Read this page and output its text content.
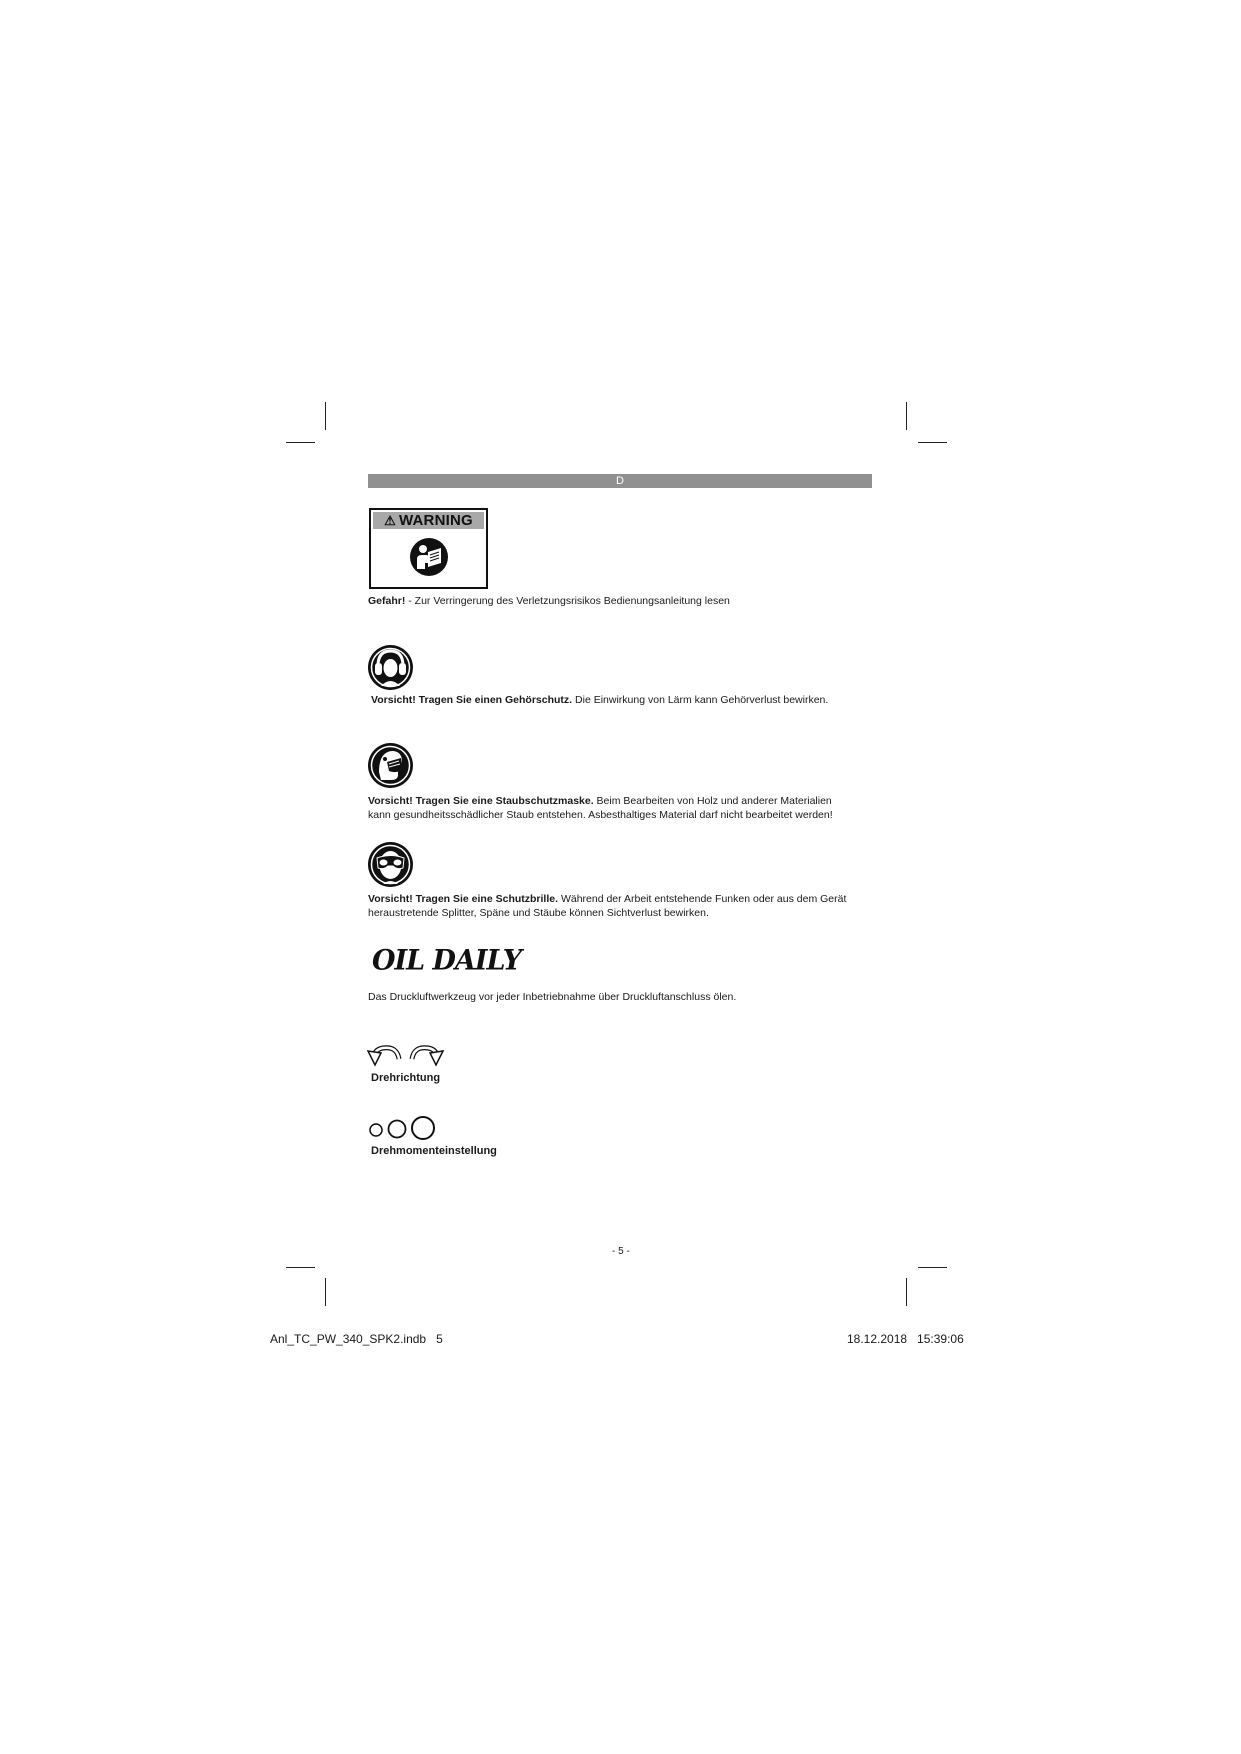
D
⚠ WARNING
Gefahr! - Zur Verringerung des Verletzungsrisikos Bedienungsanleitung lesen
Vorsicht! Tragen Sie einen Gehörschutz. Die Einwirkung von Lärm kann Gehörverlust bewirken.
Vorsicht! Tragen Sie eine Staubschutzmaske. Beim Bearbeiten von Holz und anderer Materialien
kann gesundheitsschädlicher Staub entstehen. Asbesthaltiges Material darf nicht bearbeitet werden!
Vorsicht! Tragen Sie eine Schutzbrille. Während der Arbeit entstehende Funken oder aus dem Gerät
heraustretende Splitter, Späne und Stäube können Sichtverlust bewirken.
OIL DAILY
Das Druckluftwerkzeug vor jeder Inbetriebnahme über Druckluftanschluss ölen.
Drehrichtung
Drehmomenteinstellung
- 5 -
Anl_TC_PW_340_SPK2.indb   5	18.12.2018   15:39:06
